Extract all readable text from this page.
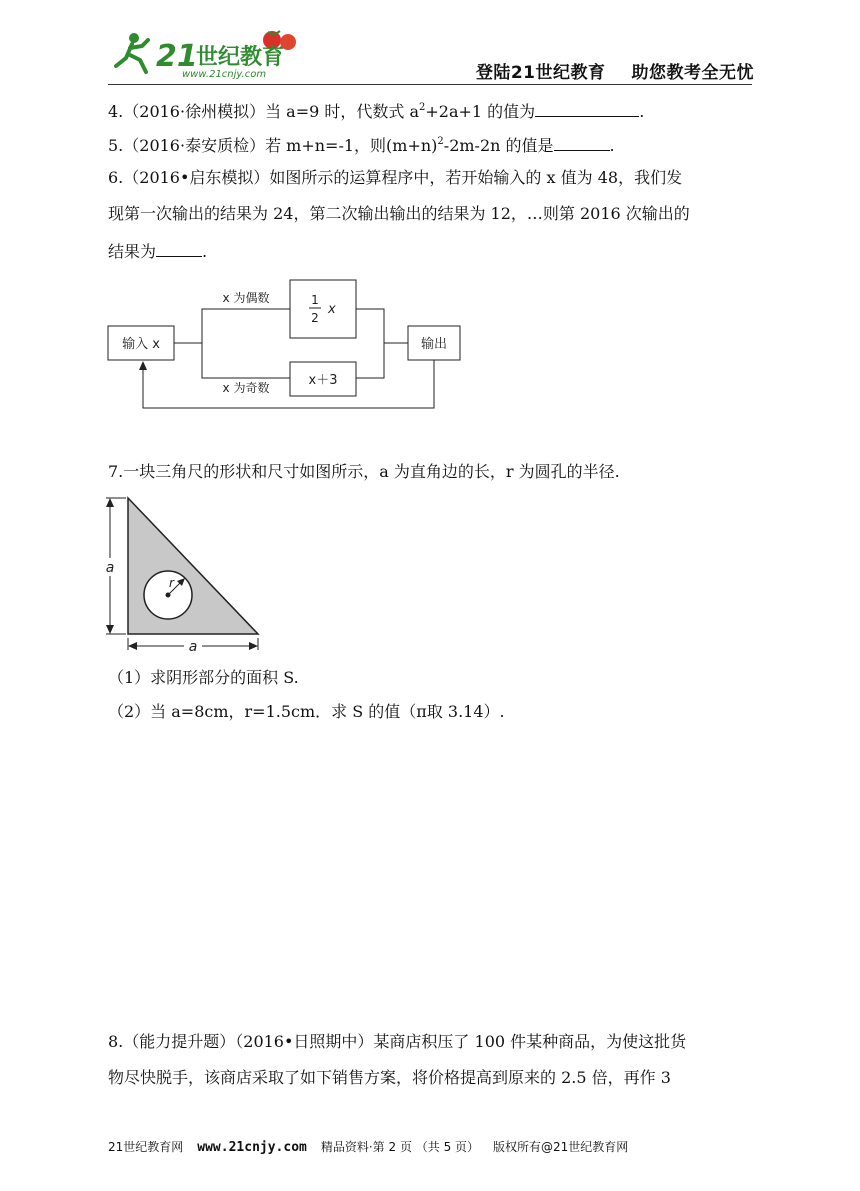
21
世纪教育
www.21cnjy.com	登陆21世纪教育 助您教考全无忧
4.（2016·徐州模拟）当 a=9 时，代数式 $a^2+2a+1$ 的值为	.
5.（2016·泰安质检）若 m+n=-1，则$(m+n)^2-2m-2n$ 的值是	.
6.（2016•启东模拟）如图所示的运算程序中，若开始输入的 x 值为 48，我们发
现第一次输出的结果为 24，第二次输出输出的结果为 12，…则第 2016 次输出的
结果为	.
输入 x
x 为偶数
x 为奇数
1
2
x
x＋3
输出
7.一块三角尺的形状和尺寸如图所示，a 为直角边的长，r 为圆孔的半径.
a
a
r
（1）求阴形部分的面积 S.
（2）当 a=8cm，r=1.5cm．求 S 的值（π取 3.14）.
8.（能力提升题）（2016•日照期中）某商店积压了 100 件某种商品，为使这批货
物尽快脱手，该商店采取了如下销售方案，将价格提高到原来的 2.5 倍，再作 3
21世纪教育网 www.21cnjy.com 精品资料·第 2 页 （共 5 页） 版权所有@21世纪教育网
